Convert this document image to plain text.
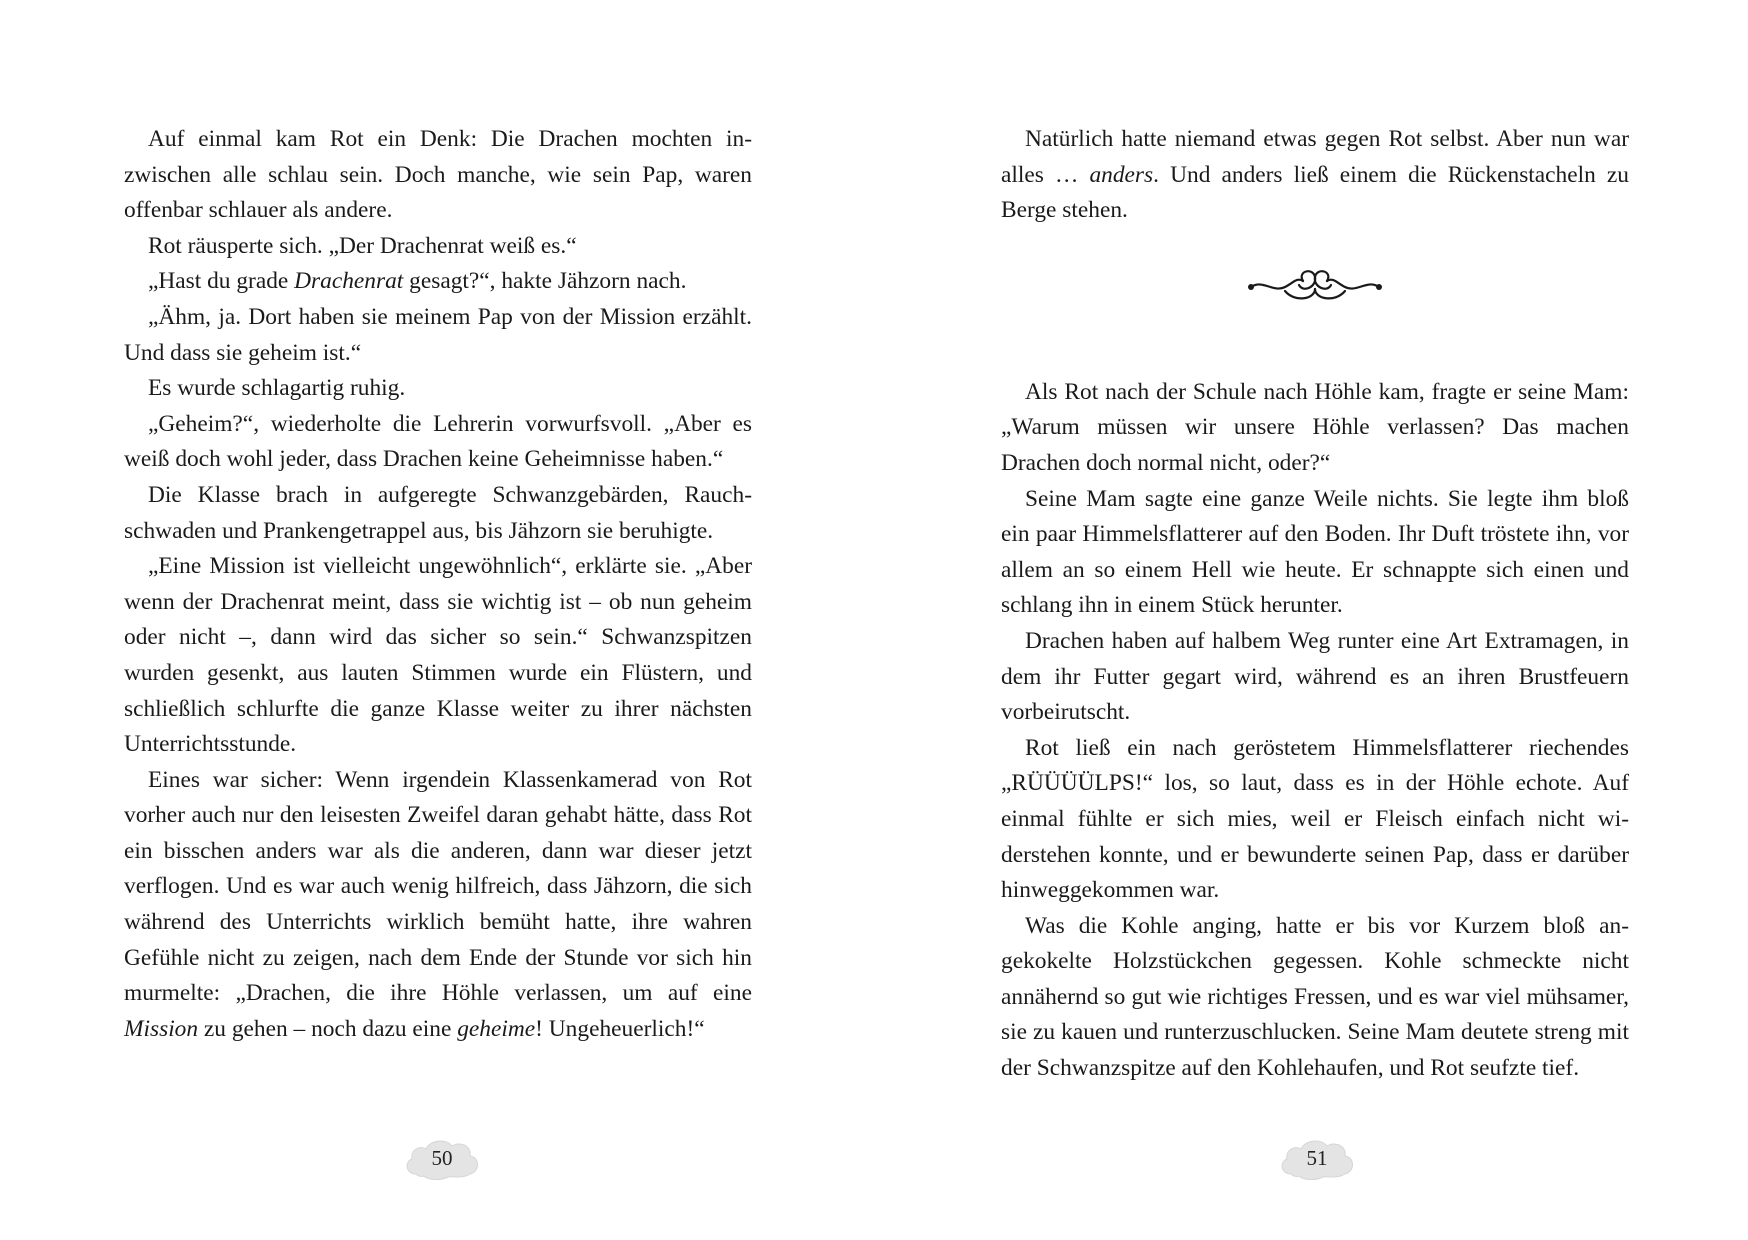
Auf einmal kam Rot ein Denk: Die Drachen mochten inzwischen alle schlau sein. Doch manche, wie sein Pap, waren offenbar schlauer als andere.

Rot räusperte sich. „Der Drachenrat weiß es.“

„Hast du grade Drachenrat gesagt?“, hakte Jähzorn nach.

„Ähm, ja. Dort haben sie meinem Pap von der Mission erzählt. Und dass sie geheim ist.“

Es wurde schlagartig ruhig.

„Geheim?“, wiederholte die Lehrerin vorwurfsvoll. „Aber es weiß doch wohl jeder, dass Drachen keine Geheimnisse haben.“

Die Klasse brach in aufgeregte Schwanzgebärden, Rauchschwaden und Prankengetrappel aus, bis Jähzorn sie beruhigte.

„Eine Mission ist vielleicht ungewöhnlich“, erklärte sie. „Aber wenn der Drachenrat meint, dass sie wichtig ist – ob nun geheim oder nicht –, dann wird das sicher so sein.“ Schwanzspitzen wurden gesenkt, aus lauten Stimmen wurde ein Flüstern, und schließlich schlurfte die ganze Klasse weiter zu ihrer nächsten Unterrichtsstunde.

Eines war sicher: Wenn irgendein Klassenkamerad von Rot vorher auch nur den leisesten Zweifel daran gehabt hätte, dass Rot ein bisschen anders war als die anderen, dann war dieser jetzt verflogen. Und es war auch wenig hilfreich, dass Jähzorn, die sich während des Unterrichts wirklich bemüht hatte, ihre wahren Gefühle nicht zu zeigen, nach dem Ende der Stunde vor sich hin murmelte: „Drachen, die ihre Höhle verlassen, um auf eine Mission zu gehen – noch dazu eine geheime! Ungeheuerlich!“

50

Natürlich hatte niemand etwas gegen Rot selbst. Aber nun war alles … anders. Und anders ließ einem die Rückenstacheln zu Berge stehen.

Als Rot nach der Schule nach Höhle kam, fragte er seine Mam: „Warum müssen wir unsere Höhle verlassen? Das machen Drachen doch normal nicht, oder?“

Seine Mam sagte eine ganze Weile nichts. Sie legte ihm bloß ein paar Himmelsflatterer auf den Boden. Ihr Duft tröstete ihn, vor allem an so einem Hell wie heute. Er schnappte sich einen und schlang ihn in einem Stück herunter.

Drachen haben auf halbem Weg runter eine Art Extramagen, in dem ihr Futter gegart wird, während es an ihren Brustfeuern vorbeirutscht.

Rot ließ ein nach geröstetem Himmelsflatterer riechendes „RÜÜÜÜLPS!“ los, so laut, dass es in der Höhle echote. Auf einmal fühlte er sich mies, weil er Fleisch einfach nicht widerstehen konnte, und er bewunderte seinen Pap, dass er darüber hinweggekommen war.

Was die Kohle anging, hatte er bis vor Kurzem bloß angekokelte Holzstückchen gegessen. Kohle schmeckte nicht annähernd so gut wie richtiges Fressen, und es war viel mühsamer, sie zu kauen und runterzuschlucken. Seine Mam deutete streng mit der Schwanzspitze auf den Kohlehaufen, und Rot seufzte tief.

51
